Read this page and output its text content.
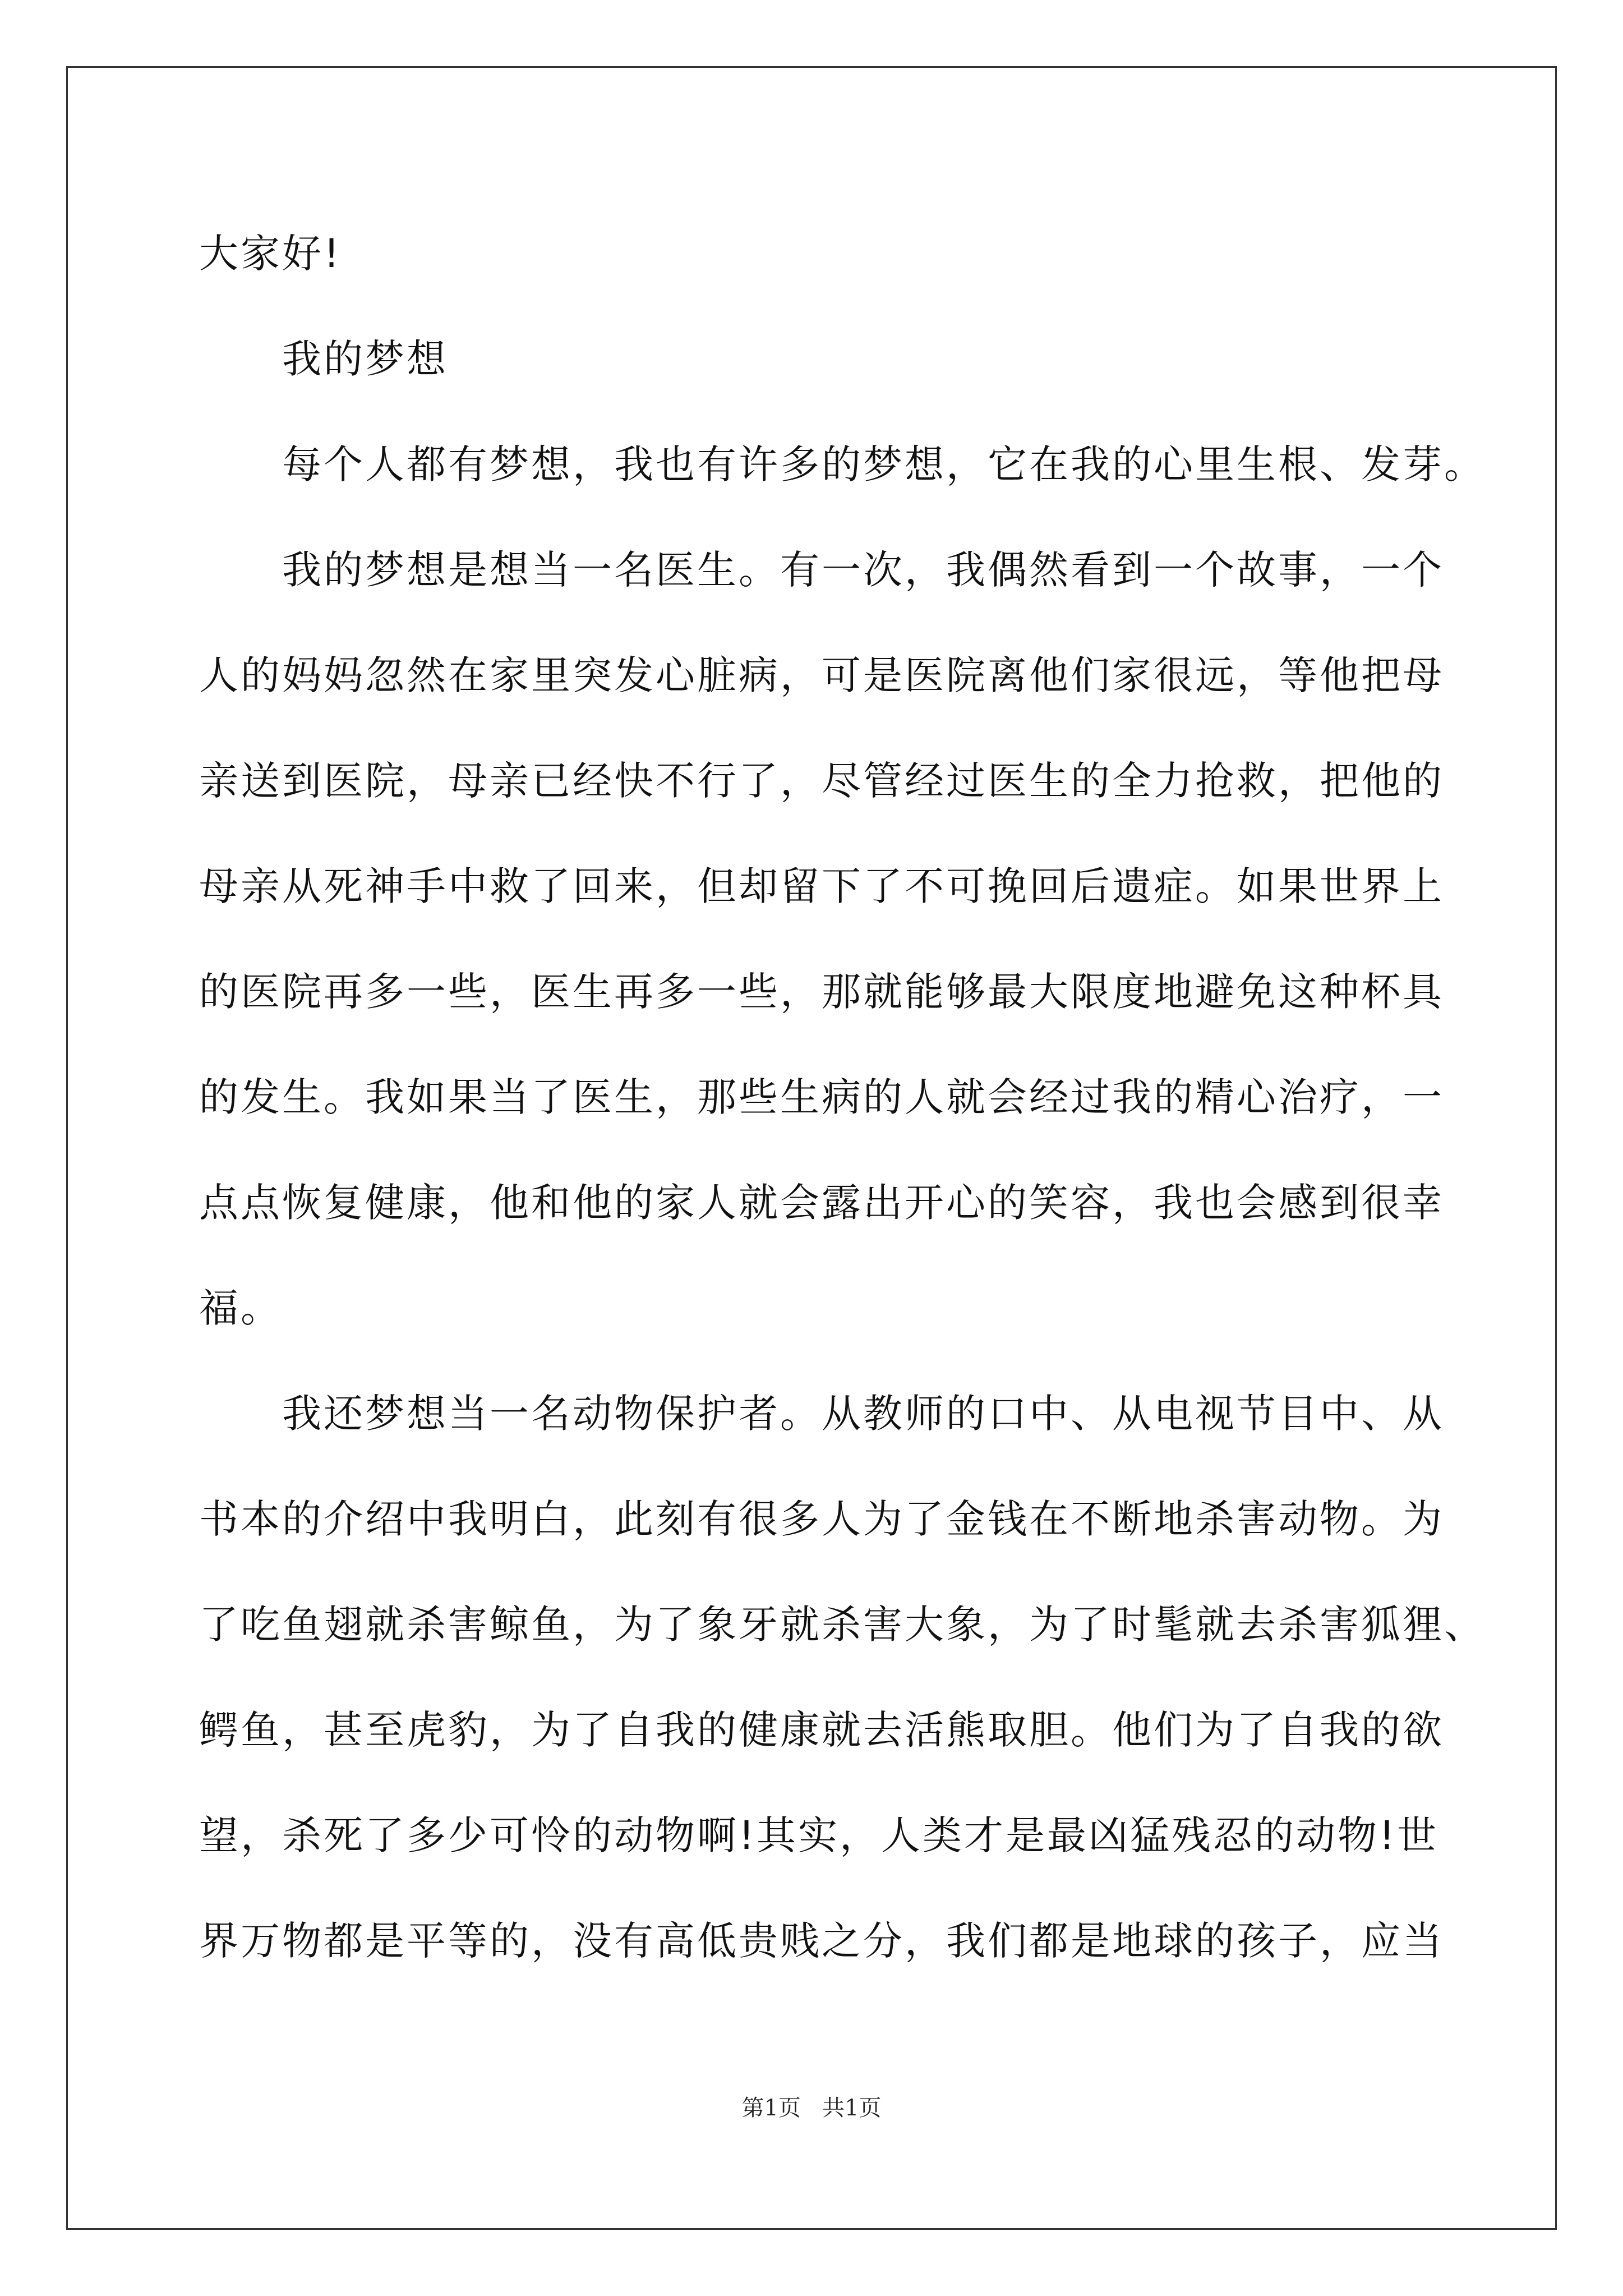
大家好!

　　我的梦想

　　每个人都有梦想，我也有许多的梦想，它在我的心里生根、发芽。

　　我的梦想是想当一名医生。有一次，我偶然看到一个故事，一个

人的妈妈忽然在家里突发心脏病，可是医院离他们家很远，等他把母

亲送到医院，母亲已经快不行了，尽管经过医生的全力抢救，把他的

母亲从死神手中救了回来，但却留下了不可挽回后遗症。如果世界上

的医院再多一些，医生再多一些，那就能够最大限度地避免这种杯具

的发生。我如果当了医生，那些生病的人就会经过我的精心治疗，一

点点恢复健康，他和他的家人就会露出开心的笑容，我也会感到很幸

福。

　　我还梦想当一名动物保护者。从教师的口中、从电视节目中、从

书本的介绍中我明白，此刻有很多人为了金钱在不断地杀害动物。为

了吃鱼翅就杀害鲸鱼，为了象牙就杀害大象，为了时髦就去杀害狐狸、

鳄鱼，甚至虎豹，为了自我的健康就去活熊取胆。他们为了自我的欲

望，杀死了多少可怜的动物啊!其实，人类才是最凶猛残忍的动物!世

界万物都是平等的，没有高低贵贱之分，我们都是地球的孩子，应当

第1页   共1页
